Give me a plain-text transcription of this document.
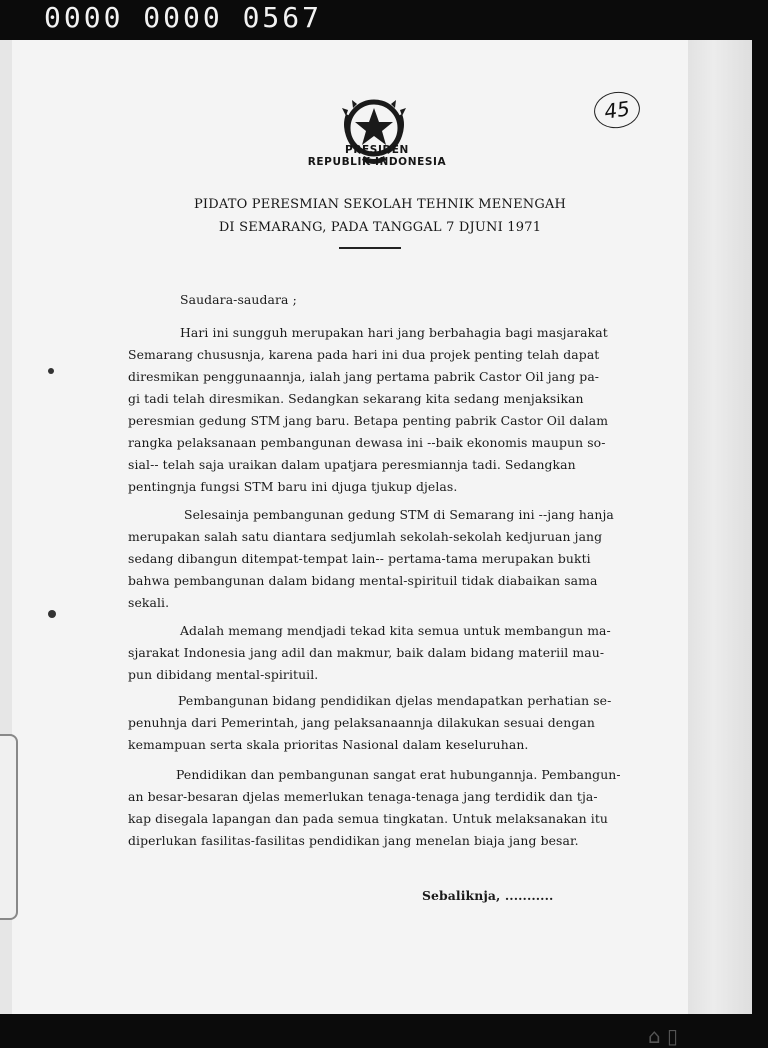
0000 0000 0567
45
PRESIDEN
REPUBLIK INDONESIA
PIDATO PERESMIAN SEKOLAH TEHNIK MENENGAH
DI SEMARANG, PADA TANGGAL 7 DJUNI 1971
Saudara-saudara ;
Hari ini sungguh merupakan hari jang berbahagia bagi masjarakat
Semarang chususnja, karena pada hari ini dua projek penting telah dapat
diresmikan penggunaannja, ialah jang pertama pabrik Castor Oil jang pa-
gi tadi telah diresmikan. Sedangkan sekarang kita sedang menjaksikan
peresmian gedung STM jang baru. Betapa penting pabrik Castor Oil dalam
rangka pelaksanaan pembangunan dewasa ini --baik ekonomis maupun so-
sial-- telah saja uraikan dalam upatjara peresmiannja tadi. Sedangkan
pentingnja fungsi STM baru ini djuga tjukup djelas.
Selesainja pembangunan gedung STM di Semarang ini --jang hanja
merupakan salah satu diantara sedjumlah sekolah-sekolah kedjuruan jang
sedang dibangun ditempat-tempat lain-- pertama-tama merupakan bukti
bahwa pembangunan dalam bidang mental-spirituil tidak diabaikan sama
sekali.
Adalah memang mendjadi tekad kita semua untuk membangun ma-
sjarakat Indonesia jang adil dan makmur, baik dalam bidang materiil mau-
pun dibidang mental-spirituil.
Pembangunan bidang pendidikan djelas mendapatkan perhatian se-
penuhnja dari Pemerintah, jang pelaksanaannja dilakukan sesuai dengan
kemampuan serta skala prioritas Nasional dalam keseluruhan.
Pendidikan dan pembangunan sangat erat hubungannja. Pembangun-
an besar-besaran djelas memerlukan tenaga-tenaga jang terdidik dan tja-
kap disegala lapangan dan pada semua tingkatan. Untuk melaksanakan itu
diperlukan fasilitas-fasilitas pendidikan jang menelan biaja jang besar.
Sebaliknja, ...........
⌂ ▯
